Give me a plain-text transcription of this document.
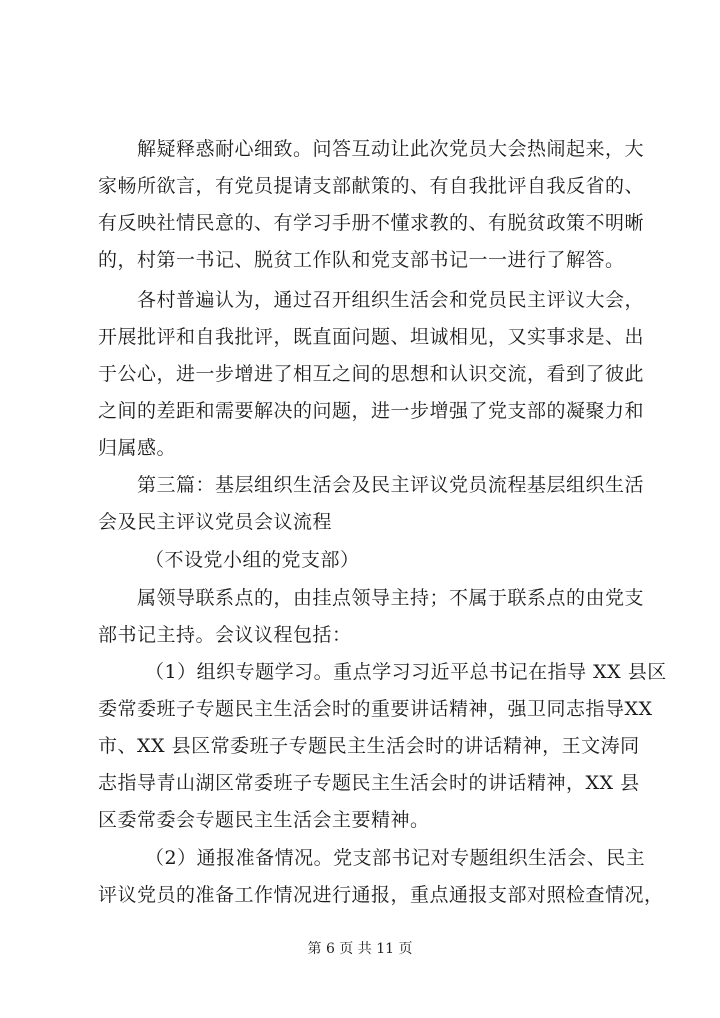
解疑释惑耐心细致。问答互动让此次党员大会热闹起来，大
家畅所欲言，有党员提请支部献策的、有自我批评自我反省的、
有反映社情民意的、有学习手册不懂求教的、有脱贫政策不明晰
的，村第一书记、脱贫工作队和党支部书记一一进行了解答。
各村普遍认为，通过召开组织生活会和党员民主评议大会，
开展批评和自我批评，既直面问题、坦诚相见，又实事求是、出
于公心，进一步增进了相互之间的思想和认识交流，看到了彼此
之间的差距和需要解决的问题，进一步增强了党支部的凝聚力和
归属感。
第三篇：基层组织生活会及民主评议党员流程基层组织生活
会及民主评议党员会议流程
（不设党小组的党支部）
属领导联系点的，由挂点领导主持；不属于联系点的由党支
部书记主持。会议议程包括：
（1）组织专题学习。重点学习习近平总书记在指导 XX 县区
委常委班子专题民主生活会时的重要讲话精神，强卫同志指导XX
市、XX 县区常委班子专题民主生活会时的讲话精神，王文涛同
志指导青山湖区常委班子专题民主生活会时的讲话精神，XX 县
区委常委会专题民主生活会主要精神。
（2）通报准备情况。党支部书记对专题组织生活会、民主
评议党员的准备工作情况进行通报，重点通报支部对照检查情况，
第 6 页 共 11 页
